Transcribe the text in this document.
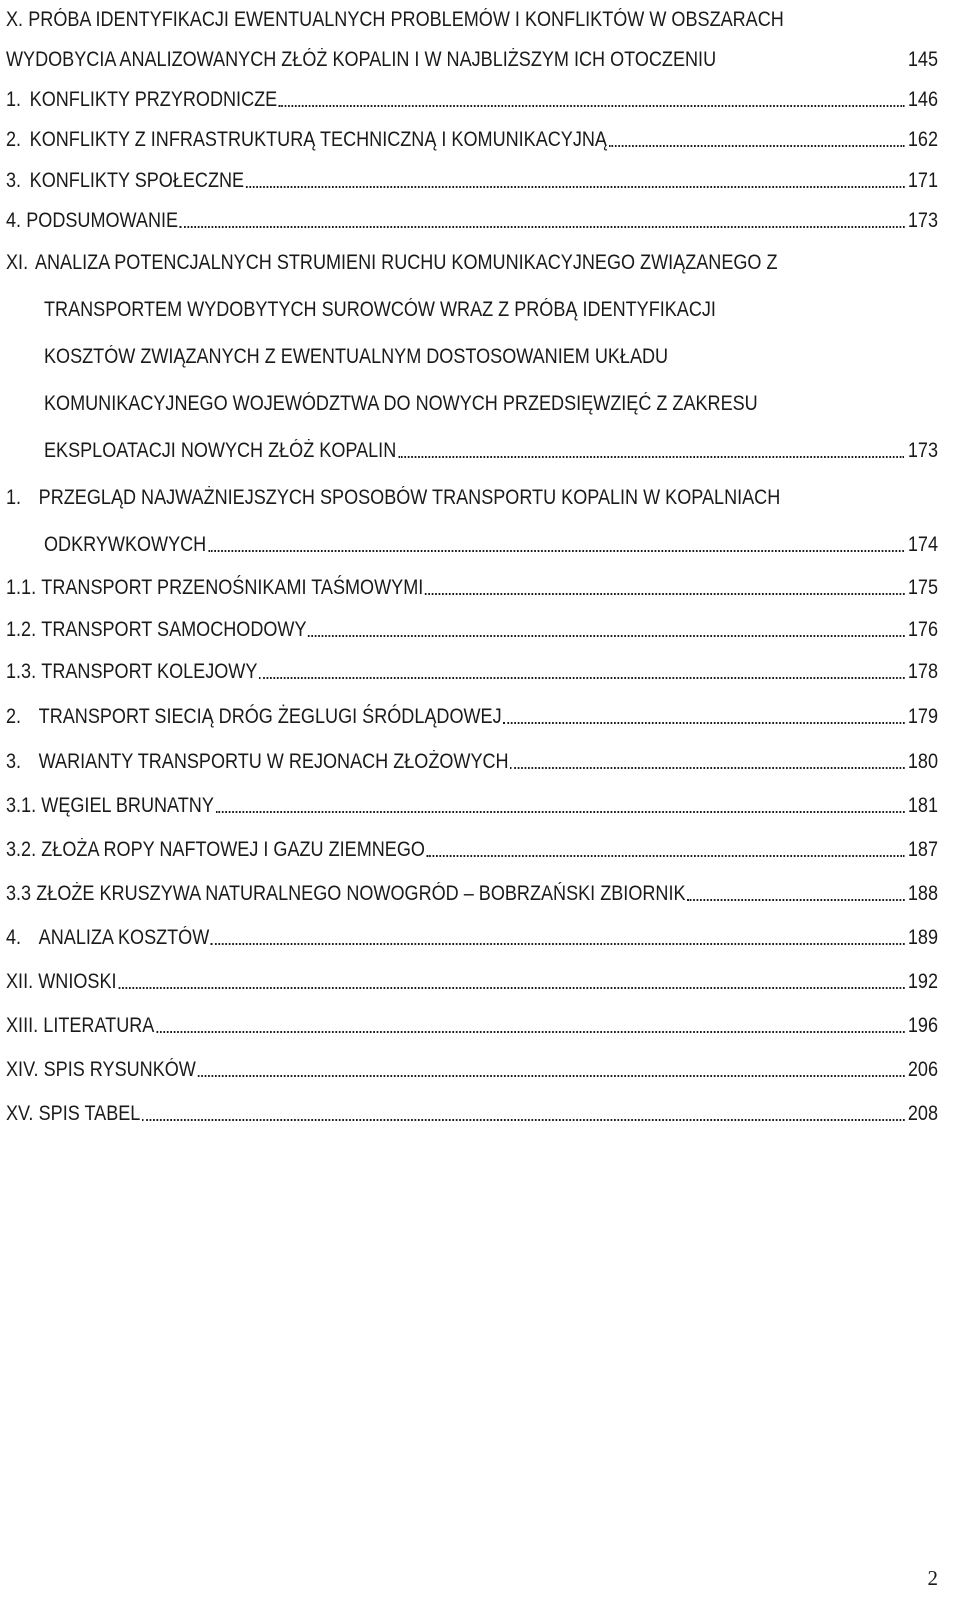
X. PRÓBA IDENTYFIKACJI EWENTUALNYCH PROBLEMÓW I KONFLIKTÓW W OBSZARACH
WYDOBYCIA ANALIZOWANYCH ZŁÓŻ KOPALIN I W NAJBLIŻSZYM ICH OTOCZENIU	145
1. KONFLIKTY PRZYRODNICZE	146
2. KONFLIKTY Z INFRASTRUKTURĄ TECHNICZNĄ I KOMUNIKACYJNĄ	162
3. KONFLIKTY SPOŁECZNE	171
4. PODSUMOWANIE	173
XI. ANALIZA POTENCJALNYCH STRUMIENI RUCHU KOMUNIKACYJNEGO ZWIĄZANEGO Z
TRANSPORTEM WYDOBYTYCH SUROWCÓW WRAZ Z PRÓBĄ IDENTYFIKACJI
KOSZTÓW ZWIĄZANYCH Z EWENTUALNYM DOSTOSOWANIEM UKŁADU
KOMUNIKACYJNEGO WOJEWÓDZTWA DO NOWYCH PRZEDSIĘWZIĘĆ Z ZAKRESU
EKSPLOATACJI NOWYCH ZŁÓŻ KOPALIN	173
1. PRZEGLĄD NAJWAŻNIEJSZYCH SPOSOBÓW TRANSPORTU KOPALIN W KOPALNIACH
ODKRYWKOWYCH	174
1.1. TRANSPORT PRZENOŚNIKAMI TAŚMOWYMI	175
1.2. TRANSPORT SAMOCHODOWY	176
1.3. TRANSPORT KOLEJOWY	178
2. TRANSPORT SIECIĄ DRÓG ŻEGLUGI ŚRÓDLĄDOWEJ	179
3. WARIANTY TRANSPORTU W REJONACH ZŁOŻOWYCH	180
3.1. WĘGIEL BRUNATNY	181
3.2. ZŁOŻA ROPY NAFTOWEJ I GAZU ZIEMNEGO	187
3.3 ZŁOŻE KRUSZYWA NATURALNEGO NOWOGRÓD – BOBRZAŃSKI ZBIORNIK	188
4. ANALIZA KOSZTÓW	189
XII. WNIOSKI	192
XIII. LITERATURA	196
XIV. SPIS RYSUNKÓW	206
XV. SPIS TABEL	208
2
